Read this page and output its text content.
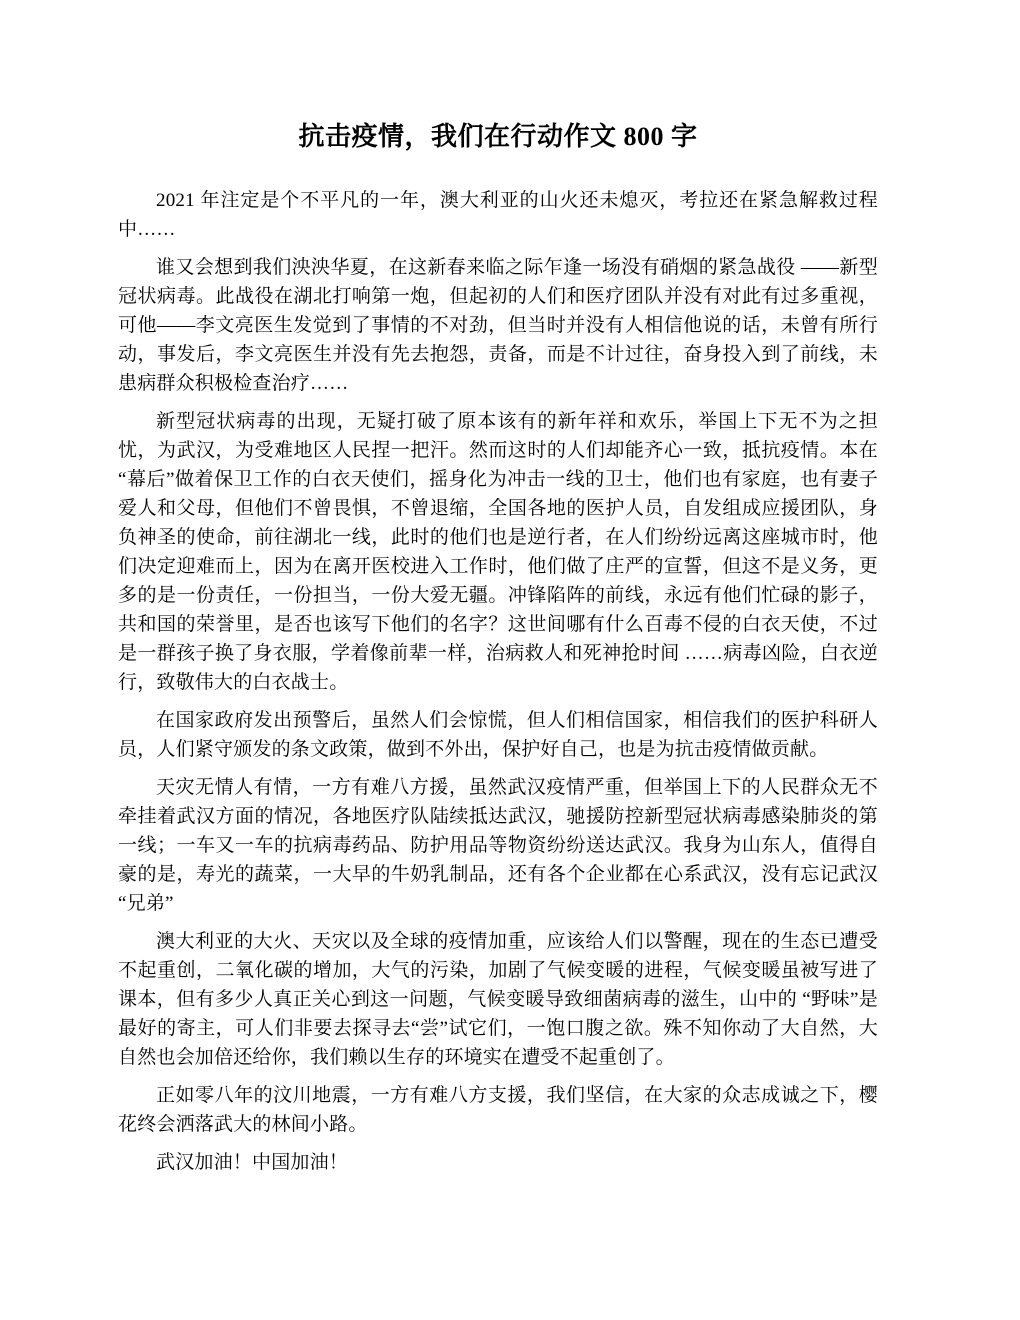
抗击疫情，我们在行动作文 800 字

2021 年注定是个不平凡的一年，澳大利亚的山火还未熄灭，考拉还在紧急解救过程中……

谁又会想到我们泱泱华夏，在这新春来临之际乍逢一场没有硝烟的紧急战役 ——新型冠状病毒。此战役在湖北打响第一炮，但起初的人们和医疗团队并没有对此有过多重视，可他——李文亮医生发觉到了事情的不对劲，但当时并没有人相信他说的话，未曾有所行动，事发后，李文亮医生并没有先去抱怨，责备，而是不计过往，奋身投入到了前线，未患病群众积极检查治疗……

新型冠状病毒的出现，无疑打破了原本该有的新年祥和欢乐，举国上下无不为之担忧，为武汉，为受难地区人民捏一把汗。然而这时的人们却能齐心一致，抵抗疫情。本在 “幕后”做着保卫工作的白衣天使们，摇身化为冲击一线的卫士，他们也有家庭，也有妻子爱人和父母，但他们不曾畏惧，不曾退缩，全国各地的医护人员，自发组成应援团队，身负神圣的使命，前往湖北一线，此时的他们也是逆行者，在人们纷纷远离这座城市时，他们决定迎难而上，因为在离开医校进入工作时，他们做了庄严的宣誓，但这不是义务，更多的是一份责任，一份担当，一份大爱无疆。冲锋陷阵的前线，永远有他们忙碌的影子，共和国的荣誉里，是否也该写下他们的名字？这世间哪有什么百毒不侵的白衣天使，不过是一群孩子换了身衣服，学着像前辈一样，治病救人和死神抢时间 ……病毒凶险，白衣逆行，致敬伟大的白衣战士。

在国家政府发出预警后，虽然人们会惊慌，但人们相信国家，相信我们的医护科研人员，人们紧守颁发的条文政策，做到不外出，保护好自己，也是为抗击疫情做贡献。

天灾无情人有情，一方有难八方援，虽然武汉疫情严重，但举国上下的人民群众无不牵挂着武汉方面的情况，各地医疗队陆续抵达武汉，驰援防控新型冠状病毒感染肺炎的第一线；一车又一车的抗病毒药品、防护用品等物资纷纷送达武汉。我身为山东人，值得自豪的是，寿光的蔬菜，一大早的牛奶乳制品，还有各个企业都在心系武汉，没有忘记武汉“兄弟”

澳大利亚的大火、天灾以及全球的疫情加重，应该给人们以警醒，现在的生态已遭受不起重创，二氧化碳的增加，大气的污染，加剧了气候变暖的进程，气候变暖虽被写进了课本，但有多少人真正关心到这一问题，气候变暖导致细菌病毒的滋生，山中的 “野味”是最好的寄主，可人们非要去探寻去“尝”试它们，一饱口腹之欲。殊不知你动了大自然，大自然也会加倍还给你，我们赖以生存的环境实在遭受不起重创了。

正如零八年的汶川地震，一方有难八方支援，我们坚信，在大家的众志成诚之下，樱花终会洒落武大的林间小路。

武汉加油！中国加油！
